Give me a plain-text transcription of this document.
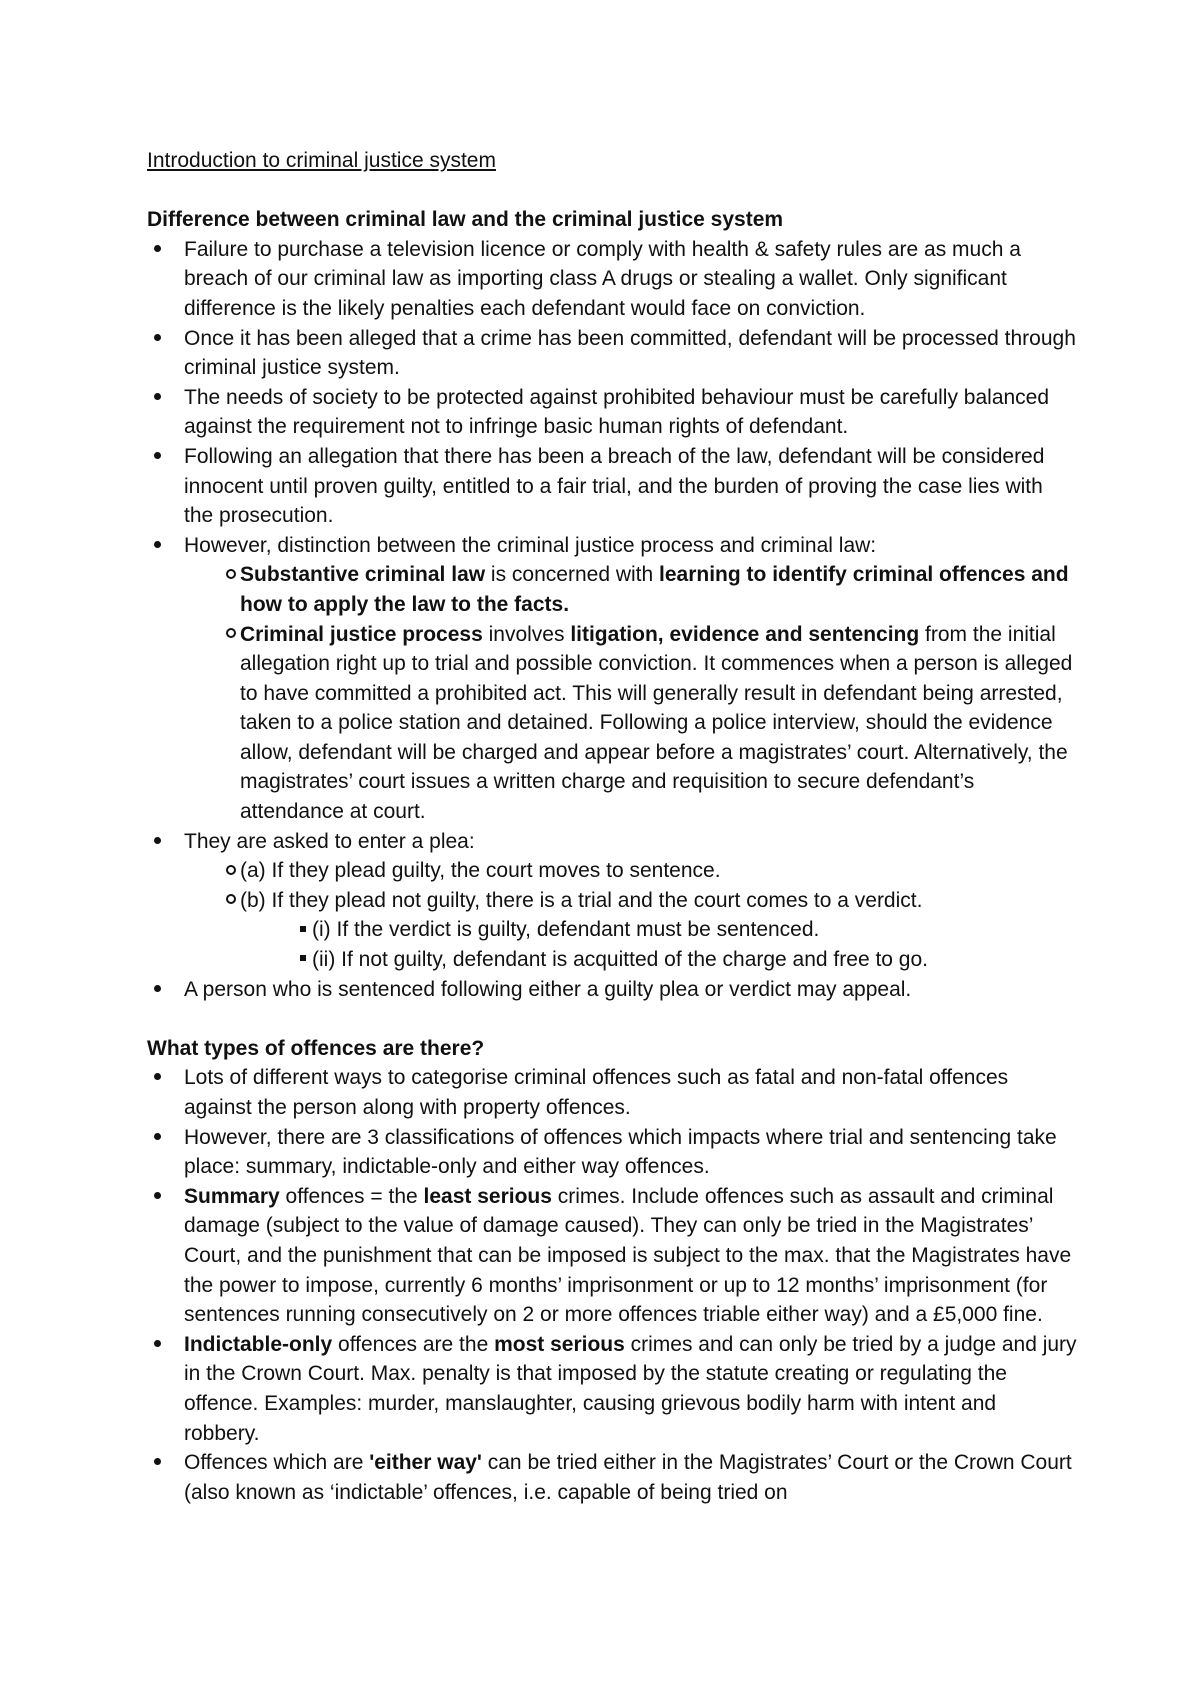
Introduction to criminal justice system
Difference between criminal law and the criminal justice system
Failure to purchase a television licence or comply with health & safety rules are as much a breach of our criminal law as importing class A drugs or stealing a wallet. Only significant difference is the likely penalties each defendant would face on conviction.
Once it has been alleged that a crime has been committed, defendant will be processed through criminal justice system.
The needs of society to be protected against prohibited behaviour must be carefully balanced against the requirement not to infringe basic human rights of defendant.
Following an allegation that there has been a breach of the law, defendant will be considered innocent until proven guilty, entitled to a fair trial, and the burden of proving the case lies with the prosecution.
However, distinction between the criminal justice process and criminal law:
Substantive criminal law is concerned with learning to identify criminal offences and how to apply the law to the facts.
Criminal justice process involves litigation, evidence and sentencing from the initial allegation right up to trial and possible conviction. It commences when a person is alleged to have committed a prohibited act. This will generally result in defendant being arrested, taken to a police station and detained. Following a police interview, should the evidence allow, defendant will be charged and appear before a magistrates’ court. Alternatively, the magistrates’ court issues a written charge and requisition to secure defendant’s attendance at court.
They are asked to enter a plea:
(a) If they plead guilty, the court moves to sentence.
(b) If they plead not guilty, there is a trial and the court comes to a verdict.
(i) If the verdict is guilty, defendant must be sentenced.
(ii) If not guilty, defendant is acquitted of the charge and free to go.
A person who is sentenced following either a guilty plea or verdict may appeal.
What types of offences are there?
Lots of different ways to categorise criminal offences such as fatal and non-fatal offences against the person along with property offences.
However, there are 3 classifications of offences which impacts where trial and sentencing take place: summary, indictable-only and either way offences.
Summary offences = the least serious crimes. Include offences such as assault and criminal damage (subject to the value of damage caused). They can only be tried in the Magistrates’ Court, and the punishment that can be imposed is subject to the max. that the Magistrates have the power to impose, currently 6 months’ imprisonment or up to 12 months’ imprisonment (for sentences running consecutively on 2 or more offences triable either way) and a £5,000 fine.
Indictable-only offences are the most serious crimes and can only be tried by a judge and jury in the Crown Court. Max. penalty is that imposed by the statute creating or regulating the offence. Examples: murder, manslaughter, causing grievous bodily harm with intent and robbery.
Offences which are 'either way' can be tried either in the Magistrates’ Court or the Crown Court (also known as ‘indictable’ offences, i.e. capable of being tried on
